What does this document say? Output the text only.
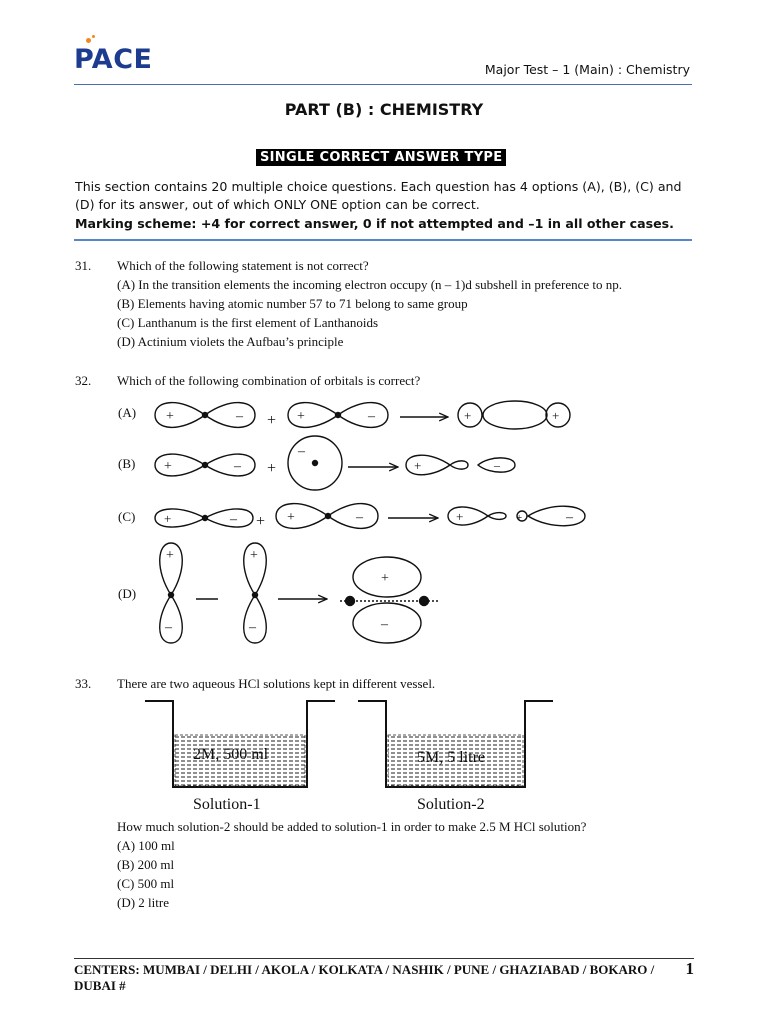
PACE	Major Test – 1 (Main) : Chemistry
PART (B) : CHEMISTRY
SINGLE CORRECT ANSWER TYPE
This section contains 20 multiple choice questions. Each question has 4 options (A), (B), (C) and (D) for its answer, out of which ONLY ONE option can be correct.
Marking scheme: +4 for correct answer, 0 if not attempted and –1 in all other cases.
31. Which of the following statement is not correct?
(A) In the transition elements the incoming electron occupy (n – 1)d subshell in preference to np.
(B) Elements having atomic number 57 to 71 belong to same group
(C) Lanthanum is the first element of Lanthanoids
(D) Actinium violets the Aufbau’s principle
32. Which of the following combination of orbitals is correct?
(A) +	– + +	–	+	+
(B) +	– +
–
+	–
(C) +	– + +	–	+	+	–
(D)
+
–
+
–
+
–
33. There are two aqueous HCl solutions kept in different vessel.
2M, 500 ml
Solution-1
5M, 5 litre
Solution-2
How much solution-2 should be added to solution-1 in order to make 2.5 M HCl solution?
(A) 100 ml
(B) 200 ml
(C) 500 ml
(D) 2 litre
CENTERS: MUMBAI / DELHI / AKOLA / KOLKATA / NASHIK / PUNE / GHAZIABAD / BOKARO / DUBAI #
1
